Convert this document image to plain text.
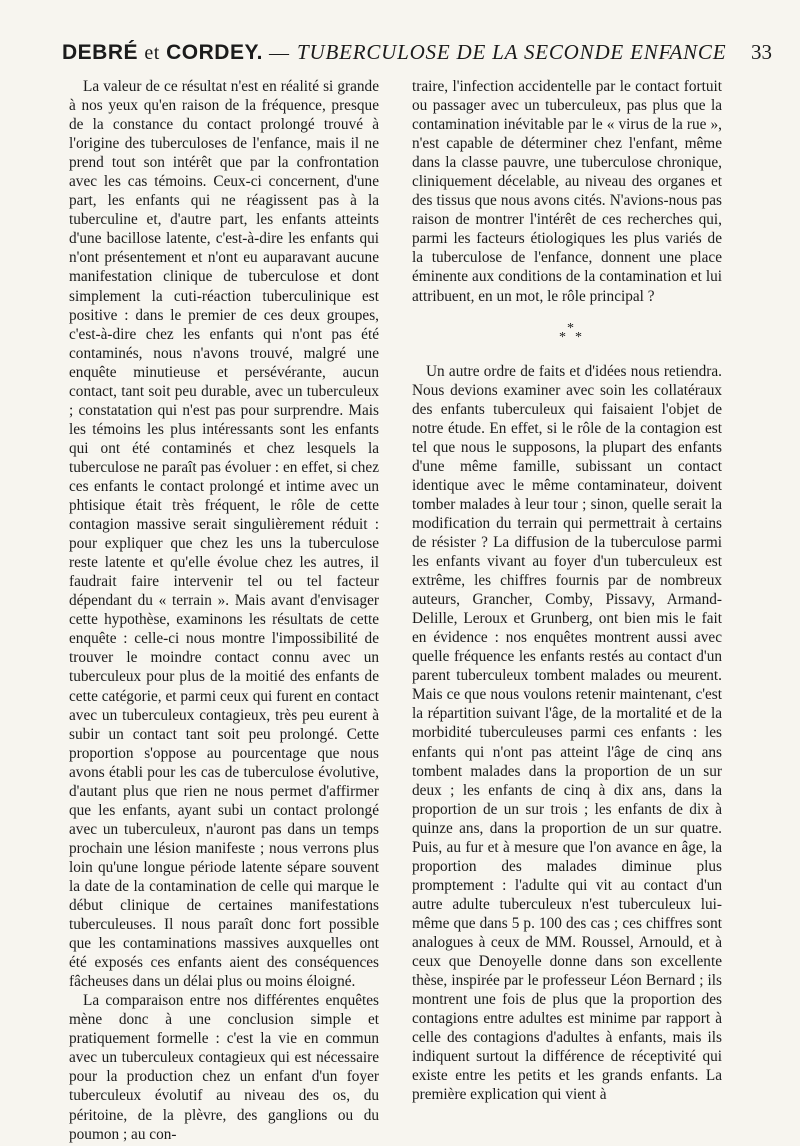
DEBRÉ et CORDEY. — TUBERCULOSE DE LA SECONDE ENFANCE 33

La valeur de ce résultat n'est en réalité si grande à nos yeux qu'en raison de la fréquence, presque de la constance du contact prolongé trouvé à l'origine des tuberculoses de l'enfance, mais il ne prend tout son intérêt que par la confrontation avec les cas témoins. Ceux-ci concernent, d'une part, les enfants qui ne réagissent pas à la tuberculine et, d'autre part, les enfants atteints d'une bacillose latente, c'est-à-dire les enfants qui n'ont présentement et n'ont eu auparavant aucune manifestation clinique de tuberculose et dont simplement la cuti-réaction tuberculinique est positive : dans le premier de ces deux groupes, c'est-à-dire chez les enfants qui n'ont pas été contaminés, nous n'avons trouvé, malgré une enquête minutieuse et persévérante, aucun contact, tant soit peu durable, avec un tuberculeux ; constatation qui n'est pas pour surprendre. Mais les témoins les plus intéressants sont les enfants qui ont été contaminés et chez lesquels la tuberculose ne paraît pas évoluer : en effet, si chez ces enfants le contact prolongé et intime avec un phtisique était très fréquent, le rôle de cette contagion massive serait singulièrement réduit : pour expliquer que chez les uns la tuberculose reste latente et qu'elle évolue chez les autres, il faudrait faire intervenir tel ou tel facteur dépendant du « terrain ». Mais avant d'envisager cette hypothèse, examinons les résultats de cette enquête : celle-ci nous montre l'impossibilité de trouver le moindre contact connu avec un tuberculeux pour plus de la moitié des enfants de cette catégorie, et parmi ceux qui furent en contact avec un tuberculeux contagieux, très peu eurent à subir un contact tant soit peu prolongé. Cette proportion s'oppose au pourcentage que nous avons établi pour les cas de tuberculose évolutive, d'autant plus que rien ne nous permet d'affirmer que les enfants, ayant subi un contact prolongé avec un tuberculeux, n'auront pas dans un temps prochain une lésion manifeste ; nous verrons plus loin qu'une longue période latente sépare souvent la date de la contamination de celle qui marque le début clinique de certaines manifestations tuberculeuses. Il nous paraît donc fort possible que les contaminations massives auxquelles ont été exposés ces enfants aient des conséquences fâcheuses dans un délai plus ou moins éloigné.

La comparaison entre nos différentes enquêtes mène donc à une conclusion simple et pratiquement formelle : c'est la vie en commun avec un tuberculeux contagieux qui est nécessaire pour la production chez un enfant d'un foyer tuberculeux évolutif au niveau des os, du péritoine, de la plèvre, des ganglions ou du poumon ; au con-

traire, l'infection accidentelle par le contact fortuit ou passager avec un tuberculeux, pas plus que la contamination inévitable par le « virus de la rue », n'est capable de déterminer chez l'enfant, même dans la classe pauvre, une tuberculose chronique, cliniquement décelable, au niveau des organes et des tissus que nous avons cités. N'avions-nous pas raison de montrer l'intérêt de ces recherches qui, parmi les facteurs étiologiques les plus variés de la tuberculose de l'enfance, donnent une place éminente aux conditions de la contamination et lui attribuent, en un mot, le rôle principal ?

*
* *

Un autre ordre de faits et d'idées nous retiendra. Nous devions examiner avec soin les collatéraux des enfants tuberculeux qui faisaient l'objet de notre étude. En effet, si le rôle de la contagion est tel que nous le supposons, la plupart des enfants d'une même famille, subissant un contact identique avec le même contaminateur, doivent tomber malades à leur tour ; sinon, quelle serait la modification du terrain qui permettrait à certains de résister ? La diffusion de la tuberculose parmi les enfants vivant au foyer d'un tuberculeux est extrême, les chiffres fournis par de nombreux auteurs, Grancher, Comby, Pissavy, Armand-Delille, Leroux et Grunberg, ont bien mis le fait en évidence : nos enquêtes montrent aussi avec quelle fréquence les enfants restés au contact d'un parent tuberculeux tombent malades ou meurent. Mais ce que nous voulons retenir maintenant, c'est la répartition suivant l'âge, de la mortalité et de la morbidité tuberculeuses parmi ces enfants : les enfants qui n'ont pas atteint l'âge de cinq ans tombent malades dans la proportion de un sur deux ; les enfants de cinq à dix ans, dans la proportion de un sur trois ; les enfants de dix à quinze ans, dans la proportion de un sur quatre. Puis, au fur et à mesure que l'on avance en âge, la proportion des malades diminue plus promptement : l'adulte qui vit au contact d'un autre adulte tuberculeux n'est tuberculeux lui-même que dans 5 p. 100 des cas ; ces chiffres sont analogues à ceux de MM. Roussel, Arnould, et à ceux que Denoyelle donne dans son excellente thèse, inspirée par le professeur Léon Bernard ; ils montrent une fois de plus que la proportion des contagions entre adultes est minime par rapport à celle des contagions d'adultes à enfants, mais ils indiquent surtout la différence de réceptivité qui existe entre les petits et les grands enfants. La première explication qui vient à
